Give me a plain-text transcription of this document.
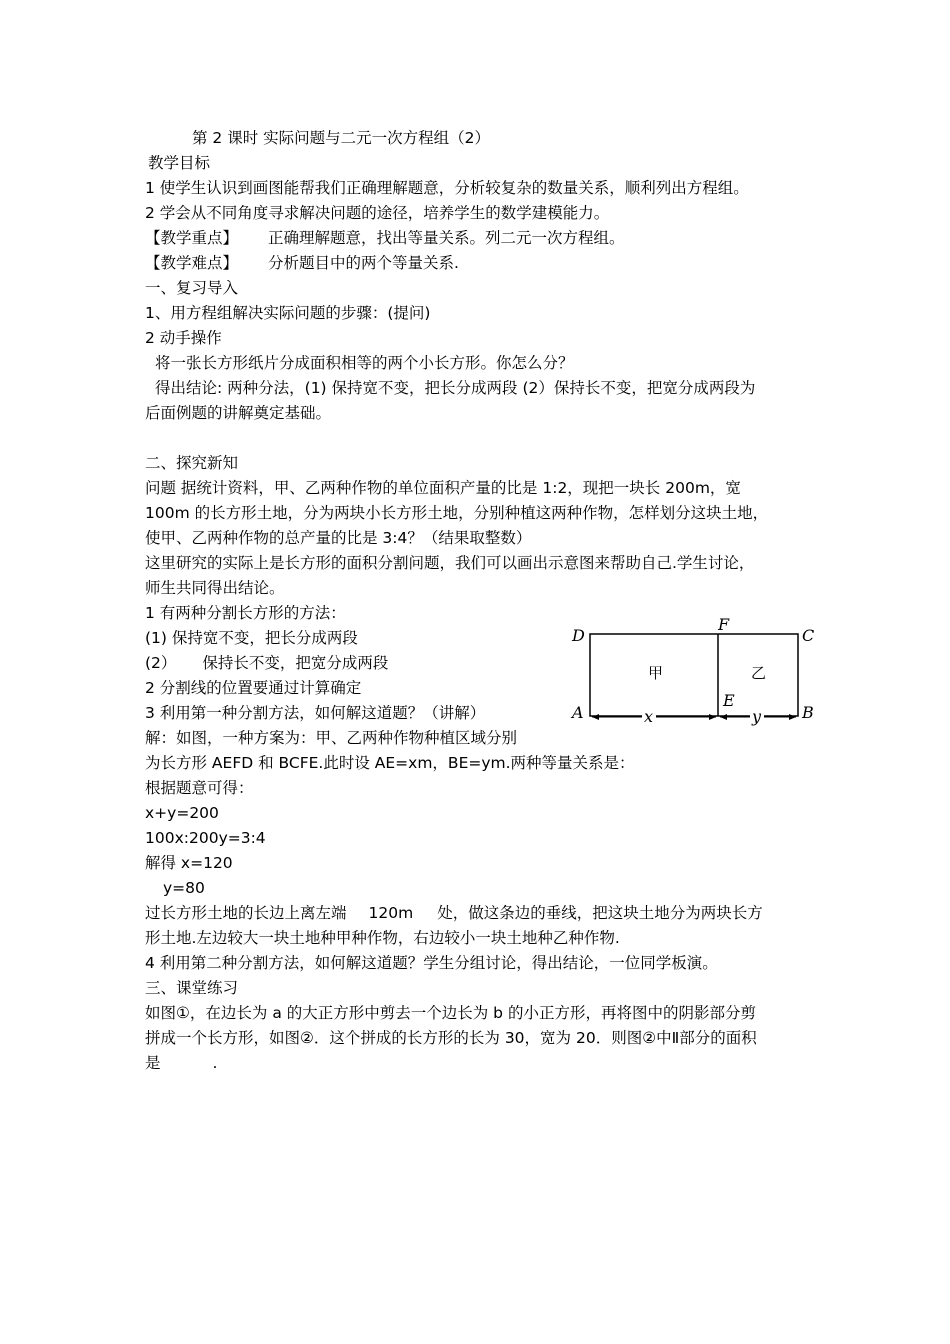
第 2 课时 实际问题与二元一次方程组（2）

教学目标

1 使学生认识到画图能帮我们正确理解题意，分析较复杂的数量关系，顺利列出方程组。

2 学会从不同角度寻求解决问题的途径，培养学生的数学建模能力。

【教学重点】 正确理解题意，找出等量关系。列二元一次方程组。

【教学难点】 分析题目中的两个等量关系.

一、复习导入

1、用方程组解决实际问题的步骤：(提问)

2 动手操作

将一张长方形纸片分成面积相等的两个小长方形。你怎么分？

得出结论: 两种分法，(1) 保持宽不变，把长分成两段 (2）保持长不变，把宽分成两段为

后面例题的讲解奠定基础。

二、探究新知

问题 据统计资料，甲、乙两种作物的单位面积产量的比是 1:2，现把一块长 200m，宽

100m 的长方形土地，分为两块小长方形土地，分别种植这两种作物，怎样划分这块土地，

使甲、乙两种作物的总产量的比是 3:4？（结果取整数）

这里研究的实际上是长方形的面积分割问题，我们可以画出示意图来帮助自己.学生讨论，

师生共同得出结论。

1 有两种分割长方形的方法：

(1) 保持宽不变，把长分成两段

(2） 保持长不变，把宽分成两段

2 分割线的位置要通过计算确定

3 利用第一种分割方法，如何解这道题？（讲解）

解：如图，一种方案为：甲、乙两种作物种植区域分别

为长方形 AEFD 和 BCFE.此时设 AE=xm，BE=ym.两种等量关系是：

根据题意可得：

x+y=200

100x:200y=3:4

解得 x=120

y=80

过长方形土地的长边上离左端 120m 处，做这条边的垂线，把这块土地分为两块长方

形土地.左边较大一块土地种甲种作物，右边较小一块土地种乙种作物.

4 利用第二种分割方法，如何解这道题？学生分组讨论，得出结论，一位同学板演。

三、课堂练习

如图①，在边长为 a 的大正方形中剪去一个边长为 b 的小正方形，再将图中的阴影部分剪

拼成一个长方形，如图②．这个拼成的长方形的长为 30，宽为 20．则图②中Ⅱ部分的面积

是	.

D
F
C
A
E
B
甲	乙
x	y
